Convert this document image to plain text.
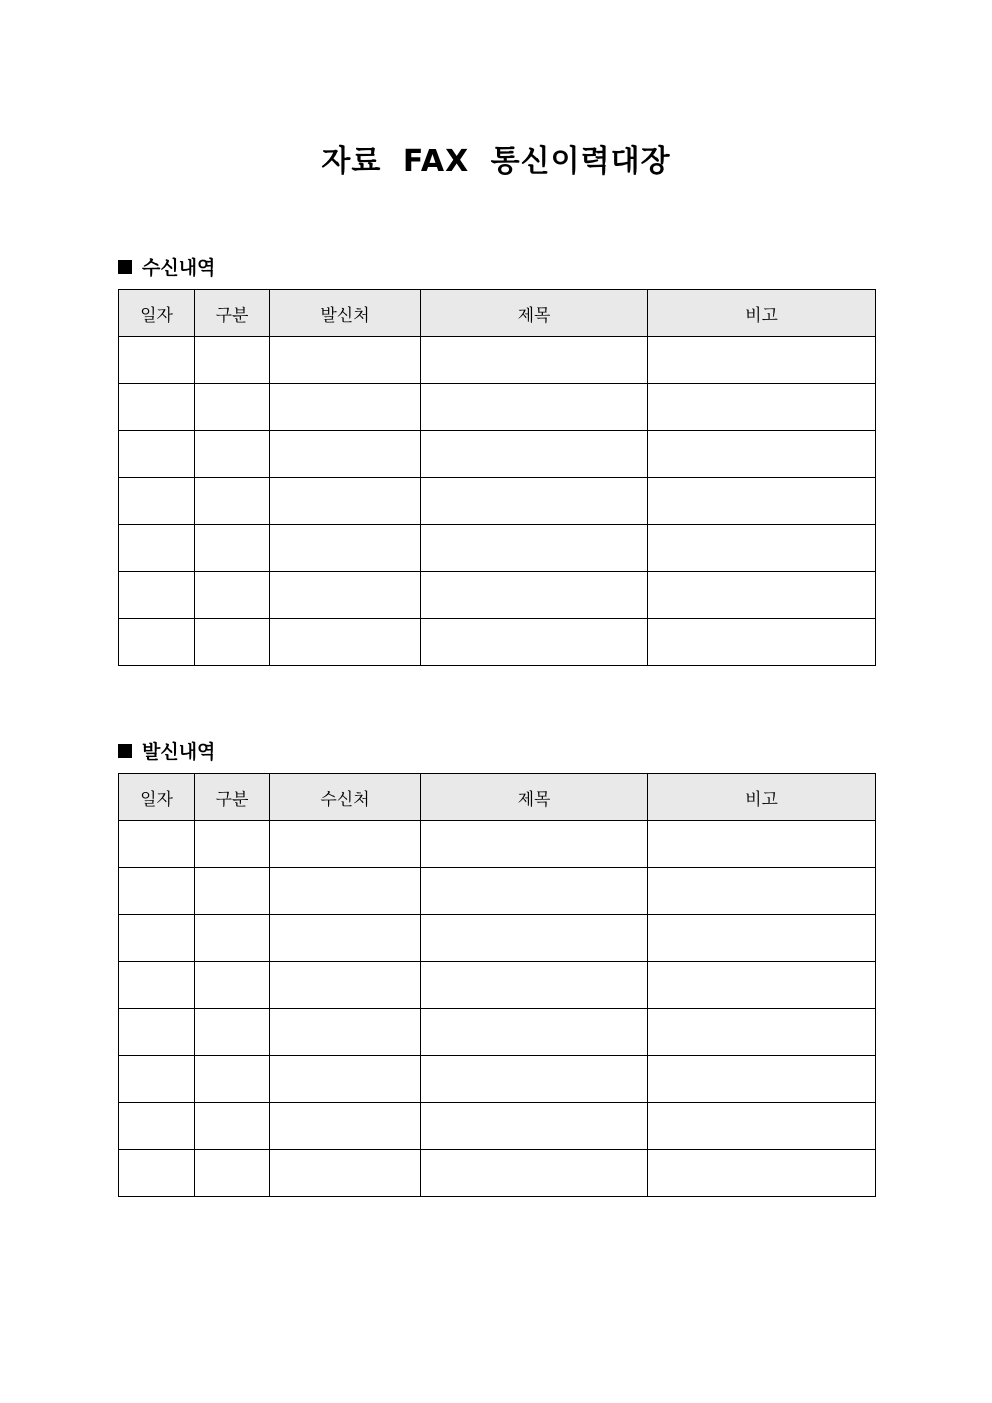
자료 FAX 통신이력대장
수신내역
일자	구분	발신처	제목	비고

발신내역
일자	구분	수신처	제목	비고
